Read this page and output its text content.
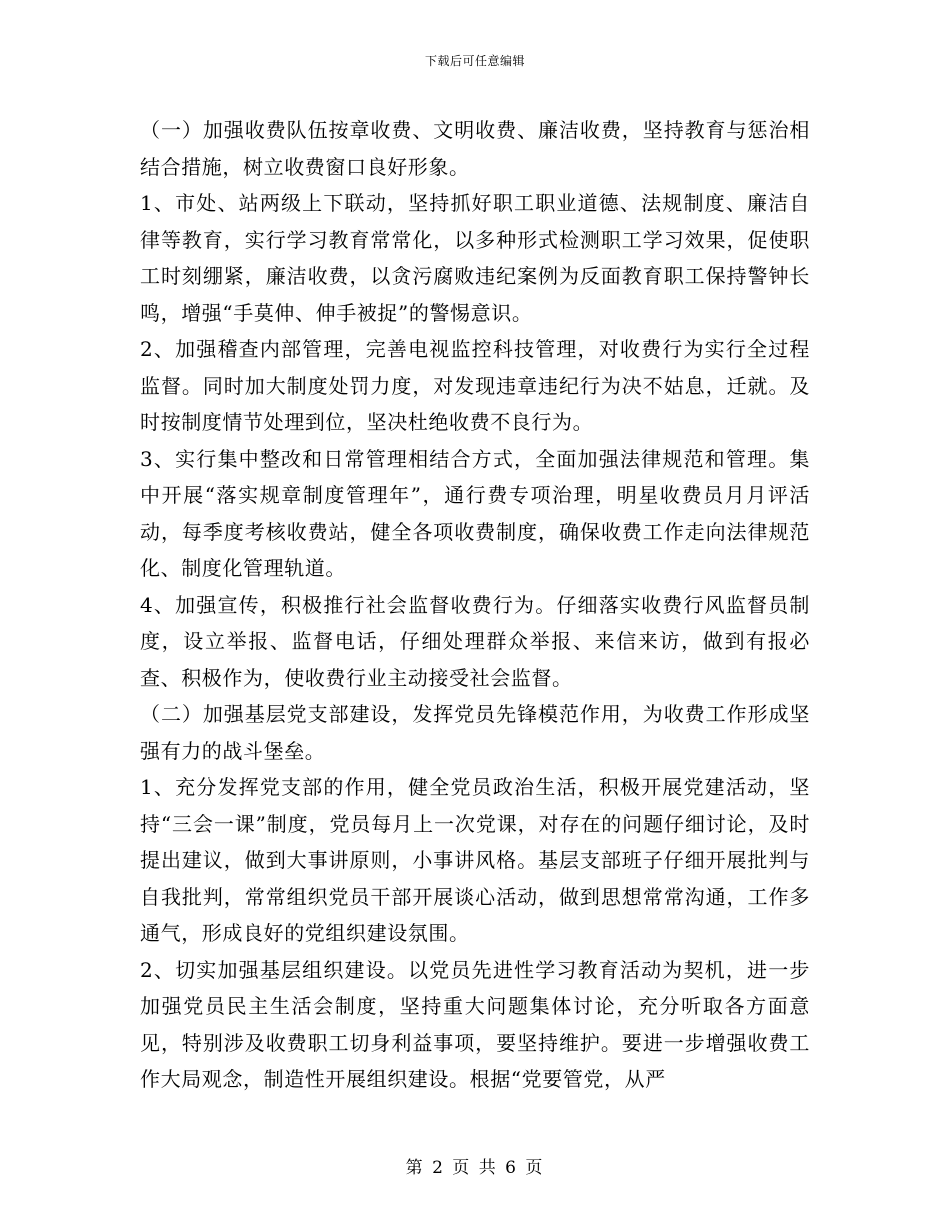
下载后可任意编辑

（一）加强收费队伍按章收费、文明收费、廉洁收费，坚持教育与惩治相结合措施，树立收费窗口良好形象。

1、市处、站两级上下联动，坚持抓好职工职业道德、法规制度、廉洁自律等教育，实行学习教育常常化，以多种形式检测职工学习效果，促使职工时刻绷紧，廉洁收费，以贪污腐败违纪案例为反面教育职工保持警钟长鸣，增强“手莫伸、伸手被捉”的警惕意识。

2、加强稽查内部管理，完善电视监控科技管理，对收费行为实行全过程监督。同时加大制度处罚力度，对发现违章违纪行为决不姑息，迁就。及时按制度情节处理到位，坚决杜绝收费不良行为。

3、实行集中整改和日常管理相结合方式，全面加强法律规范和管理。集中开展“落实规章制度管理年”，通行费专项治理，明星收费员月月评活动，每季度考核收费站，健全各项收费制度，确保收费工作走向法律规范化、制度化管理轨道。

4、加强宣传，积极推行社会监督收费行为。仔细落实收费行风监督员制度，设立举报、监督电话，仔细处理群众举报、来信来访，做到有报必查、积极作为，使收费行业主动接受社会监督。

（二）加强基层党支部建设，发挥党员先锋模范作用，为收费工作形成坚强有力的战斗堡垒。

1、充分发挥党支部的作用，健全党员政治生活，积极开展党建活动，坚持“三会一课”制度，党员每月上一次党课，对存在的问题仔细讨论，及时提出建议，做到大事讲原则，小事讲风格。基层支部班子仔细开展批判与自我批判，常常组织党员干部开展谈心活动，做到思想常常沟通，工作多通气，形成良好的党组织建设氛围。

2、切实加强基层组织建设。以党员先进性学习教育活动为契机，进一步加强党员民主生活会制度，坚持重大问题集体讨论，充分听取各方面意见，特别涉及收费职工切身利益事项，要坚持维护。要进一步增强收费工作大局观念，制造性开展组织建设。根据“党要管党，从严

第 2 页 共 6 页
